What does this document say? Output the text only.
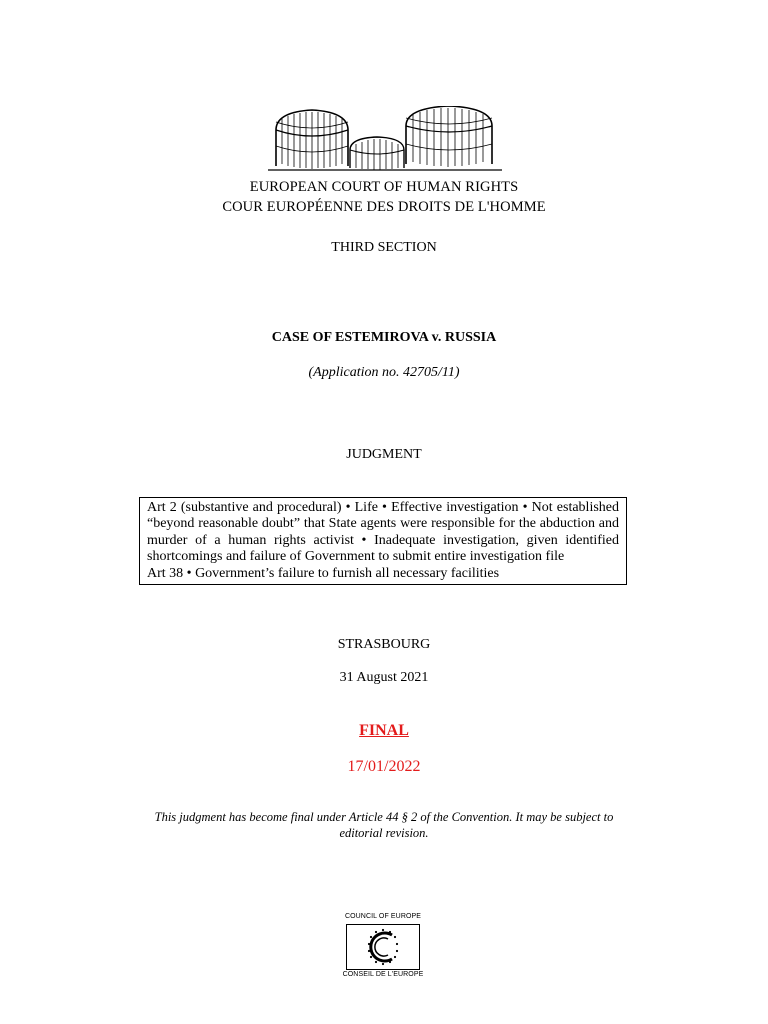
EUROPEAN COURT OF HUMAN RIGHTS
COUR EUROPÉENNE DES DROITS DE L'HOMME
THIRD SECTION
CASE OF ESTEMIROVA v. RUSSIA
(Application no. 42705/11)
JUDGMENT
Art 2 (substantive and procedural) • Life • Effective investigation • Not established “beyond reasonable doubt” that State agents were responsible for the abduction and murder of a human rights activist • Inadequate investigation, given identified shortcomings and failure of Government to submit entire investigation file
Art 38 • Government’s failure to furnish all necessary facilities
STRASBOURG
31 August 2021
FINAL
17/01/2022
This judgment has become final under Article 44 § 2 of the Convention. It may be subject to editorial revision.
COUNCIL OF EUROPE
CONSEIL DE L'EUROPE
